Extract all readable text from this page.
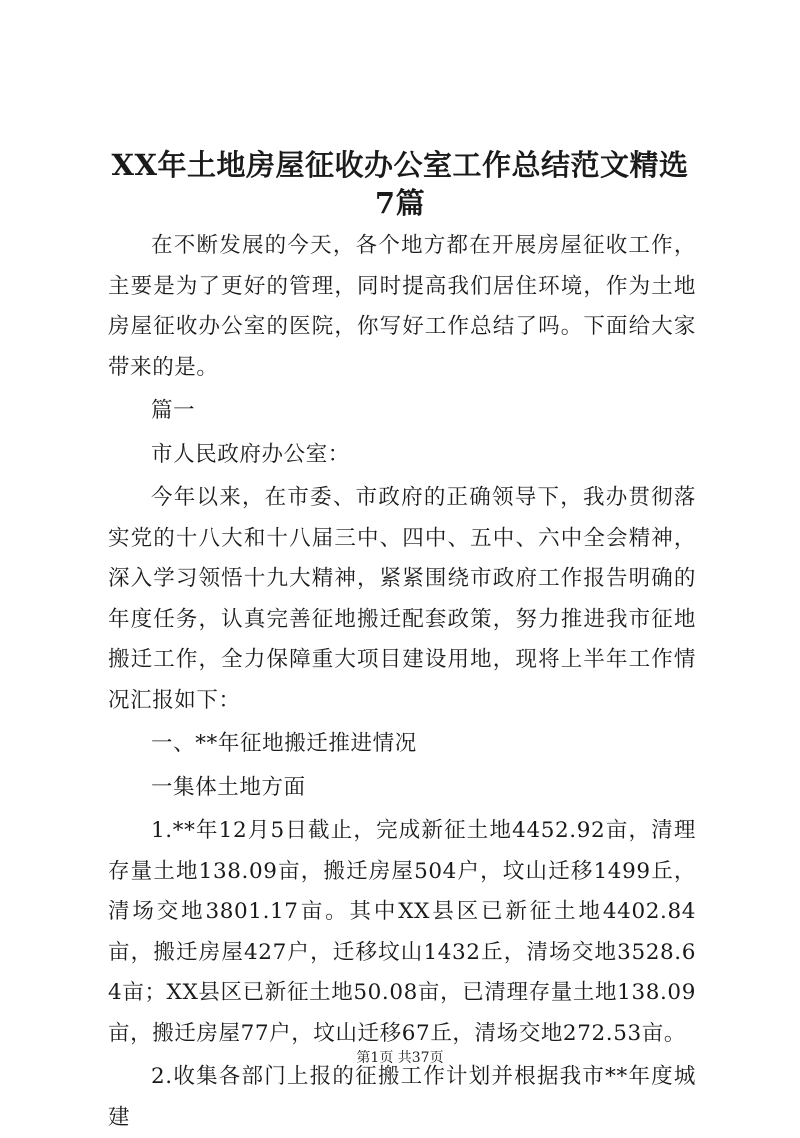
XX年土地房屋征收办公室工作总结范文精选
7篇

在不断发展的今天，各个地方都在开展房屋征收工作，主要是为了更好的管理，同时提高我们居住环境，作为土地房屋征收办公室的医院，你写好工作总结了吗。下面给大家带来的是。

篇一

市人民政府办公室：

今年以来，在市委、市政府的正确领导下，我办贯彻落实党的十八大和十八届三中、四中、五中、六中全会精神，深入学习领悟十九大精神，紧紧围绕市政府工作报告明确的年度任务，认真完善征地搬迁配套政策，努力推进我市征地搬迁工作，全力保障重大项目建设用地，现将上半年工作情况汇报如下：

一、**年征地搬迁推进情况

一集体土地方面

1.**年12月5日截止，完成新征土地4452.92亩，清理存量土地138.09亩，搬迁房屋504户，坟山迁移1499丘，清场交地3801.17亩。其中XX县区已新征土地4402.84亩，搬迁房屋427户，迁移坟山1432丘，清场交地3528.64亩；XX县区已新征土地50.08亩，已清理存量土地138.09亩，搬迁房屋77户，坟山迁移67丘，清场交地272.53亩。

2.收集各部门上报的征搬工作计划并根据我市**年度城建

第1页 共37页
